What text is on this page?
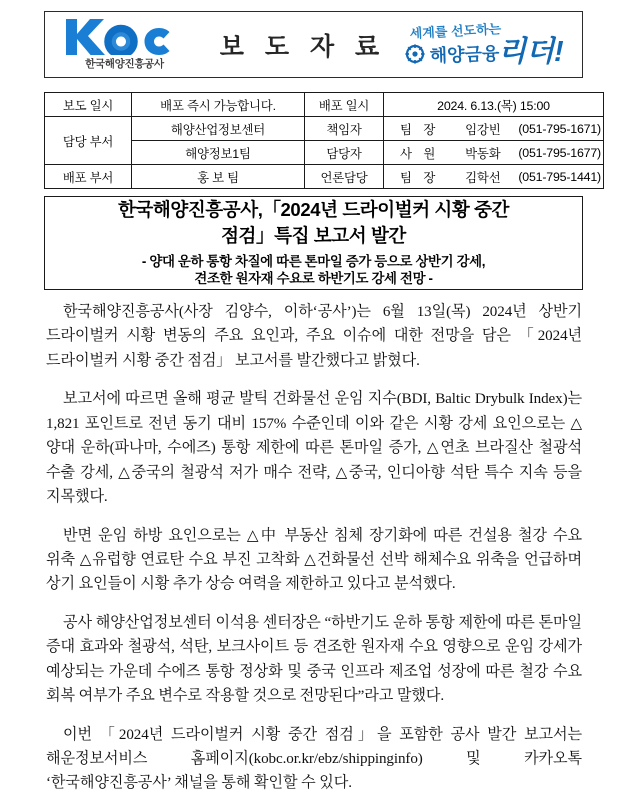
한국해양진흥공사
보 도 자 료
세계를 선도하는
해양금융
리더!
보도 일시	배포 즉시 가능합니다.	배포 일시	2024. 6.13.(목) 15:00
담당 부서	해양산업정보센터	책임자	팀 장 임강빈 (051-795-1671)

	해양정보1팀	담당자	사 원 박동화 (051-795-1677)

배포 부서	홍 보 팀	언론담당	팀 장 김학선 (051-795-1441)
한국해양진흥공사,「2024년 드라이벌커 시황 중간
점검」특집 보고서 발간
- 양대 운하 통항 차질에 따른 톤마일 증가 등으로 상반기 강세,
견조한 원자재 수요로 하반기도 강세 전망 -

한국해양진흥공사(사장 김양수, 이하‘공사’)는 6월 13일(목) 2024년 상반기 드라이벌커 시황 변동의 주요 요인과, 주요 이슈에 대한 전망을 담은 「2024년 드라이벌커 시황 중간 점검」 보고서를 발간했다고 밝혔다.

보고서에 따르면 올해 평균 발틱 건화물선 운임 지수(BDI, Baltic Drybulk Index)는 1,821 포인트로 전년 동기 대비 157% 수준인데 이와 같은 시황 강세 요인으로는 △양대 운하(파나마, 수에즈) 통항 제한에 따른 톤마일 증가, △연초 브라질산 철광석 수출 강세, △중국의 철광석 저가 매수 전략, △중국, 인디아향 석탄 특수 지속 등을 지목했다.

반면 운임 하방 요인으로는 △中 부동산 침체 장기화에 따른 건설용 철강 수요 위축 △유럽향 연료탄 수요 부진 고착화 △건화물선 선박 해체수요 위축을 언급하며 상기 요인들이 시황 추가 상승 여력을 제한하고 있다고 분석했다.

공사 해양산업정보센터 이석용 센터장은 “하반기도 운하 통항 제한에 따른 톤마일 증대 효과와 철광석, 석탄, 보크사이트 등 견조한 원자재 수요 영향으로 운임 강세가 예상되는 가운데 수에즈 통항 정상화 및 중국 인프라 제조업 성장에 따른 철강 수요 회복 여부가 주요 변수로 작용할 것으로 전망된다”라고 말했다.

이번 「2024년 드라이벌커 시황 중간 점검」을 포함한 공사 발간 보고서는 해운정보서비스 홈페이지(kobc.or.kr/ebz/shippinginfo) 및 카카오톡 ‘한국해양진흥공사’ 채널을 통해 확인할 수 있다.
